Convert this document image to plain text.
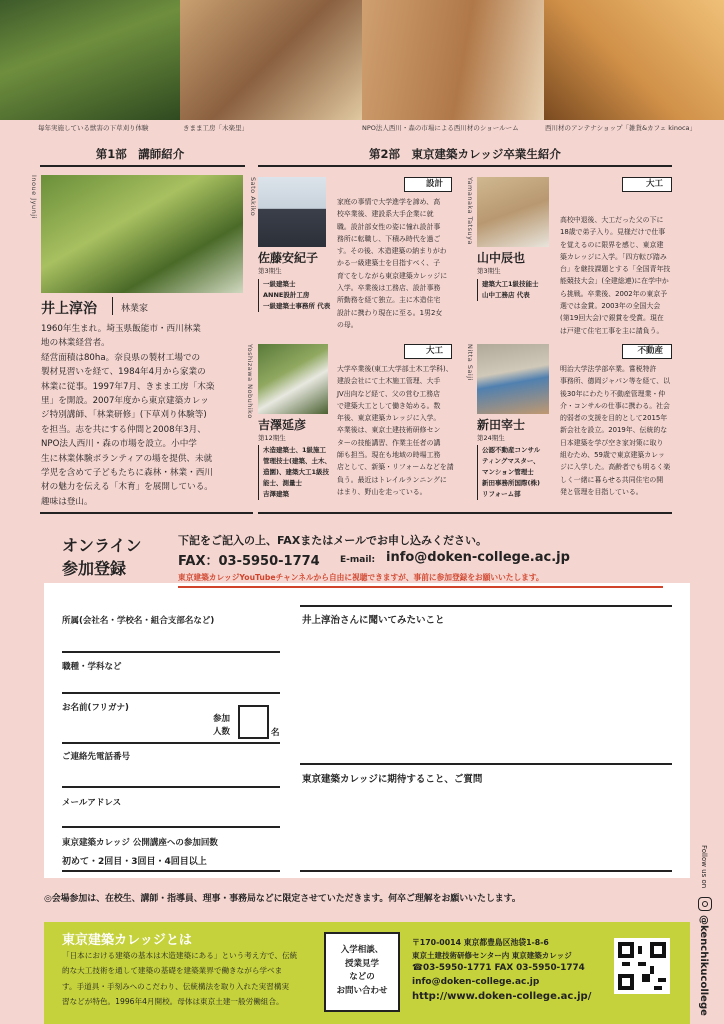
毎年実施している獣害の下草刈り体験	きまま工房「木楽里」	NPO法人西川・森の市場による西川材のショールーム	西川材のアンテナショップ「雑貨&カフェ kinoca」
第1部　講師紹介
Inoue Jyunji
井上淳治	林業家
1960年生まれ。埼玉県飯能市・西川林業
地の林業経営者。
経営面積は80ha。奈良県の製材工場での
製材見習いを経て、1984年4月から家業の
林業に従事。1997年7月、きまま工房「木楽
里」を開設。2007年度から東京建築カレッ
ジ特別講師、「林業研修」(下草刈り体験等)
を担当。志を共にする仲間と2008年3月、
NPO法人西川・森の市場を設立。小中学
生に林業体験ボランティアの場を提供、未就
学児を含めて子どもたちに森林・林業・西川
材の魅力を伝える「木育」を展開している。
趣味は登山。
第2部　東京建築カレッジ卒業生紹介
設計
Sato Akiko
佐藤安紀子
第3期生
一級建築士
ANNE設計工房
一級建築士事務所 代表
家庭の事情で大学進学を諦め、高
校卒業後、建設系大手企業に就
職。設計部女性の姿に憧れ設計事
務所に転職し、下積み時代を過ご
す。その後、木造建築の納まりがわ
かる一級建築士を目指すべく、子
育てをしながら東京建築カレッジに
入学。卒業後は工務店、設計事務
所勤務を経て独立。主に木造住宅
設計に携わり現在に至る。1男2女
の母。
大工
Yamanaka Tatsuya
山中辰也
第3期生
建築大工1級技能士
山中工務店 代表
高校中退後、大工だった父の下に
18歳で弟子入り。見様だけで仕事
を覚えるのに限界を感じ、東京建
築カレッジに入学。「四方転び踏み
台」を継技課題とする「全国青年技
能競技大会」(全建総連)に在学中か
ら挑戦。卒業後、2002年の東京予
選では金賞。2003年の全国大会
(第19回大会)で銀賞を受賞。現在
は戸建て住宅工事を主に請負う。
大工
Yoshizawa Nobuhiko
吉澤延彦
第12期生
木造建築士、1級施工
管理技士(建築、土木、
造園)、建築大工1級技
能士、測量士
吉澤建築
大学卒業後(東工大学部土木工学科)、
建設会社にて土木施工管理、大手
JV出向など経て、父の営む工務店
で建築大工として働き始める。数
年後、東京建築カレッジに入学。
卒業後は、東京土建技術研修セン
ターの技能講習、作業主任者の講
師も担当。現在も地域の時場工務
店として、新築・リフォームなどを請
負う。最近はトレイルランニングに
はまり、野山を走っている。
不動産
Nitta Saiji
新田宰士
第24期生
公認不動産コンサル
ティングマスター、
マンション管理士
新田事務所国際(株)
リフォーム部
明治大学法学部卒業。嘗税特許
事務所、德岡ジャパン等を経て、以
後30年にわたり不動産管理業・仲
介・コンサルの仕事に携わる。社会
的弱者の支援を目的として2015年
新会社を設立。2019年、伝統的な
日本建築を学び空き家対策に取り
組むため、59歳で東京建築カレッ
ジに入学した。高齢者でも明るく楽
しく一緒に暮らせる共同住宅の開
発と管理を目指している。
オンライン
参加登録
下記をご記入の上、FAXまたはメールでお申し込みください。
FAX：03-5950-1774 E-mail: info@doken-college.ac.jp
東京建築カレッジYouTubeチャンネルから自由に視聴できますが、事前に参加登録をお願いいたします。
所属(会社名・学校名・組合支部名など)
職種・学科など
お名前(フリガナ)
参加
人数	名
ご連絡先電話番号
メールアドレス
東京建築カレッジ 公開講座への参加回数
初めて・2回目・3回目・4回目以上
井上淳治さんに聞いてみたいこと
東京建築カレッジに期待すること、ご質問
◎会場参加は、在校生、講師・指導員、理事・事務局などに限定させていただきます。何卒ご理解をお願いいたします。
Follow us on
@kenchikucollege
東京建築カレッジとは
「日本における建築の基本は木造建築にある」という考え方で、伝統
的な大工技術を通して建築の基礎を建築業界で働きながら学べま
す。手道具・手刻みへのこだわり、伝統構法を取り入れた実習構実
習などが特色。1996年4月開校。母体は東京土建一般労働組合。
入学相談、
授業見学
などの
お問い合わせ
〒170-0014 東京都豊島区池袋1-8-6
東京土建技術研修センター内 東京建築カレッジ
☎03-5950-1771 FAX 03-5950-1774
info@doken-college.ac.jp
http://www.doken-college.ac.jp/
